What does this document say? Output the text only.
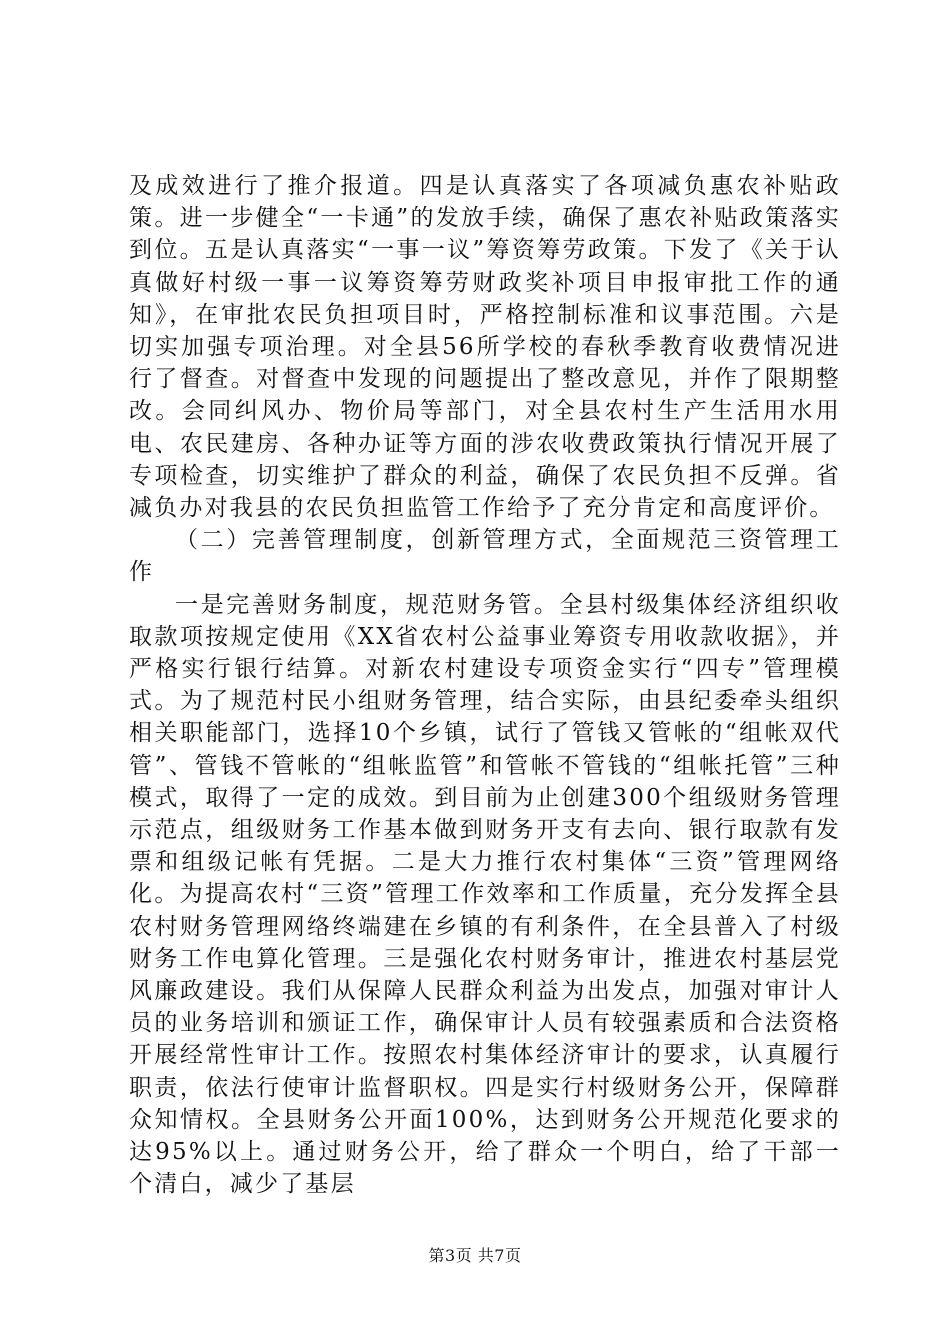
及成效进行了推介报道。四是认真落实了各项减负惠农补贴政策。进一步健全“一卡通”的发放手续，确保了惠农补贴政策落实到位。五是认真落实“一事一议”筹资筹劳政策。下发了《关于认真做好村级一事一议筹资筹劳财政奖补项目申报审批工作的通知》，在审批农民负担项目时，严格控制标准和议事范围。六是切实加强专项治理。对全县56所学校的春秋季教育收费情况进行了督查。对督查中发现的问题提出了整改意见，并作了限期整改。会同纠风办、物价局等部门，对全县农村生产生活用水用电、农民建房、各种办证等方面的涉农收费政策执行情况开展了专项检查，切实维护了群众的利益，确保了农民负担不反弹。省减负办对我县的农民负担监管工作给予了充分肯定和高度评价。

（二）完善管理制度，创新管理方式，全面规范三资管理工作

一是完善财务制度，规范财务管。全县村级集体经济组织收取款项按规定使用《XX省农村公益事业筹资专用收款收据》，并严格实行银行结算。对新农村建设专项资金实行“四专”管理模式。为了规范村民小组财务管理，结合实际，由县纪委牵头组织相关职能部门，选择10个乡镇，试行了管钱又管帐的“组帐双代管”、管钱不管帐的“组帐监管”和管帐不管钱的“组帐托管”三种模式，取得了一定的成效。到目前为止创建300个组级财务管理示范点，组级财务工作基本做到财务开支有去向、银行取款有发票和组级记帐有凭据。二是大力推行农村集体“三资”管理网络化。为提高农村“三资”管理工作效率和工作质量，充分发挥全县农村财务管理网络终端建在乡镇的有利条件，在全县普入了村级财务工作电算化管理。三是强化农村财务审计，推进农村基层党风廉政建设。我们从保障人民群众利益为出发点，加强对审计人员的业务培训和颁证工作，确保审计人员有较强素质和合法资格开展经常性审计工作。按照农村集体经济审计的要求，认真履行职责，依法行使审计监督职权。四是实行村级财务公开，保障群众知情权。全县财务公开面100%，达到财务公开规范化要求的达95%以上。通过财务公开，给了群众一个明白，给了干部一个清白，减少了基层

第3页 共7页
